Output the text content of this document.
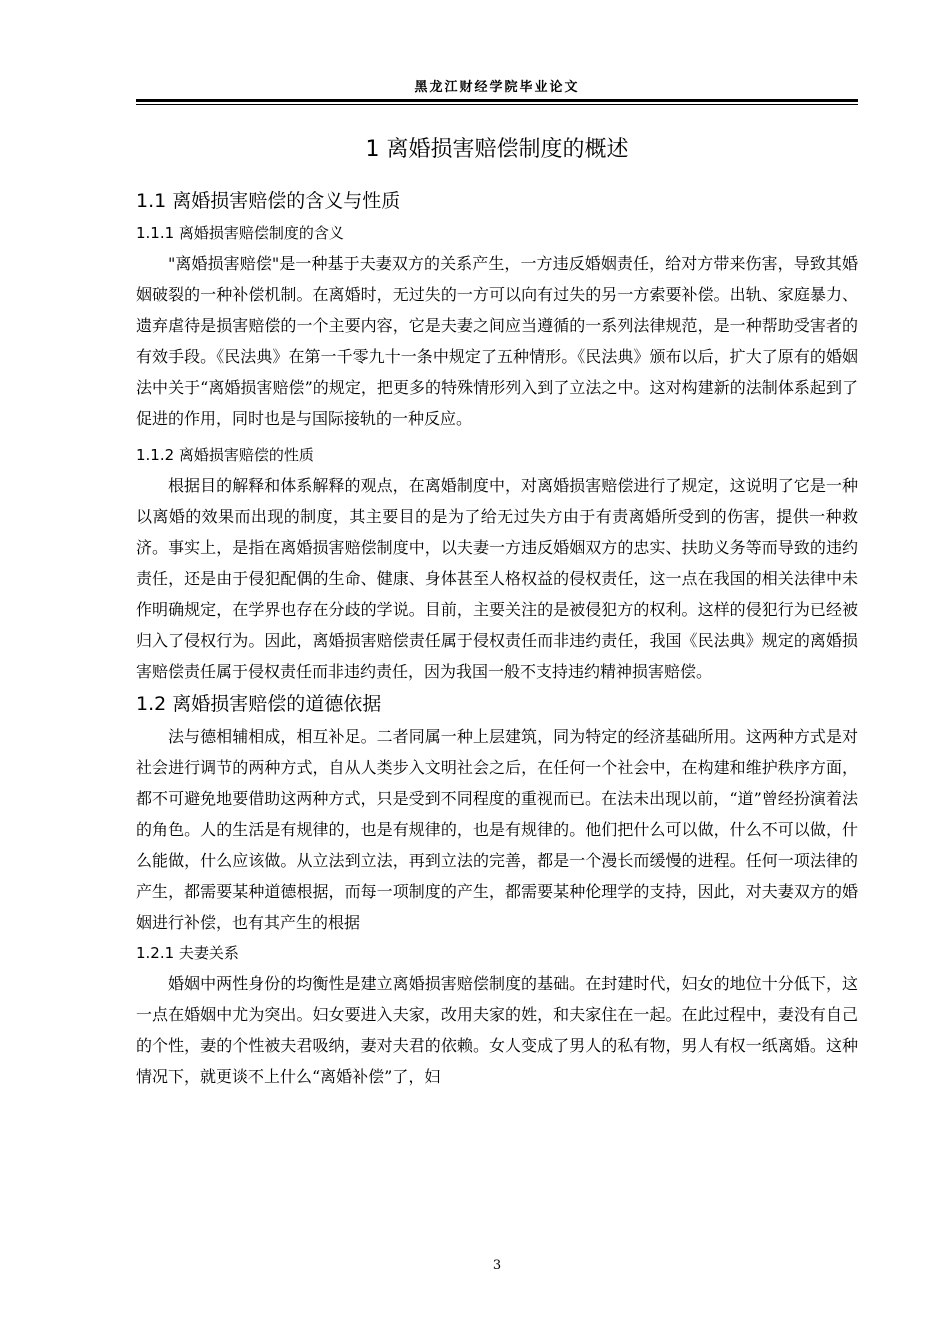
黑龙江财经学院毕业论文
1 离婚损害赔偿制度的概述
1.1 离婚损害赔偿的含义与性质
1.1.1 离婚损害赔偿制度的含义

"离婚损害赔偿"是一种基于夫妻双方的关系产生，一方违反婚姻责任，给对方带来伤害，导致其婚姻破裂的一种补偿机制。在离婚时，无过失的一方可以向有过失的另一方索要补偿。出轨、家庭暴力、遗弃虐待是损害赔偿的一个主要内容，它是夫妻之间应当遵循的一系列法律规范，是一种帮助受害者的有效手段。《民法典》在第一千零九十一条中规定了五种情形。《民法典》颁布以后，扩大了原有的婚姻法中关于“离婚损害赔偿”的规定，把更多的特殊情形列入到了立法之中。这对构建新的法制体系起到了促进的作用，同时也是与国际接轨的一种反应。

1.1.2 离婚损害赔偿的性质

根据目的解释和体系解释的观点，在离婚制度中，对离婚损害赔偿进行了规定，这说明了它是一种以离婚的效果而出现的制度，其主要目的是为了给无过失方由于有责离婚所受到的伤害，提供一种救济。事实上，是指在离婚损害赔偿制度中，以夫妻一方违反婚姻双方的忠实、扶助义务等而导致的违约责任，还是由于侵犯配偶的生命、健康、身体甚至人格权益的侵权责任，这一点在我国的相关法律中未作明确规定，在学界也存在分歧的学说。目前，主要关注的是被侵犯方的权利。这样的侵犯行为已经被归入了侵权行为。因此，离婚损害赔偿责任属于侵权责任而非违约责任，我国《民法典》规定的离婚损害赔偿责任属于侵权责任而非违约责任，因为我国一般不支持违约精神损害赔偿。

1.2 离婚损害赔偿的道德依据

法与德相辅相成，相互补足。二者同属一种上层建筑，同为特定的经济基础所用。这两种方式是对社会进行调节的两种方式，自从人类步入文明社会之后，在任何一个社会中，在构建和维护秩序方面，都不可避免地要借助这两种方式，只是受到不同程度的重视而已。在法未出现以前，“道”曾经扮演着法的角色。人的生活是有规律的，也是有规律的，也是有规律的。他们把什么可以做，什么不可以做，什么能做，什么应该做。从立法到立法，再到立法的完善，都是一个漫长而缓慢的进程。任何一项法律的产生，都需要某种道德根据，而每一项制度的产生，都需要某种伦理学的支持，因此，对夫妻双方的婚姻进行补偿，也有其产生的根据

1.2.1 夫妻关系

婚姻中两性身份的均衡性是建立离婚损害赔偿制度的基础。在封建时代，妇女的地位十分低下，这一点在婚姻中尤为突出。妇女要进入夫家，改用夫家的姓，和夫家住在一起。在此过程中，妻没有自己的个性，妻的个性被夫君吸纳，妻对夫君的依赖。女人变成了男人的私有物，男人有权一纸离婚。这种情况下，就更谈不上什么“离婚补偿”了，妇

3
